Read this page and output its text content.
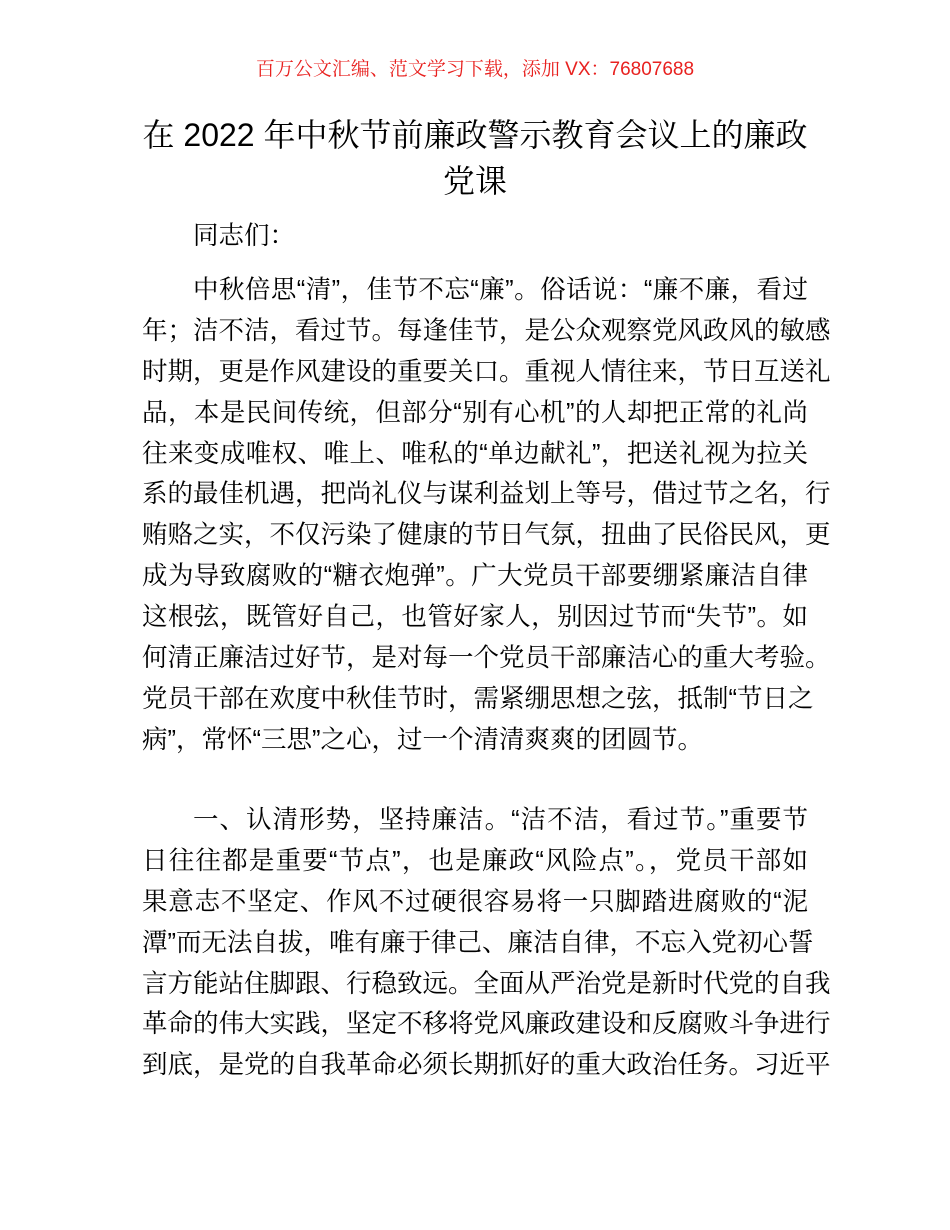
百万公文汇编、范文学习下载，添加 VX：76807688
在 2022 年中秋节前廉政警示教育会议上的廉政
党课
同志们：
中秋倍思“清”，佳节不忘“廉”。俗话说：“廉不廉，看过
年；洁不洁，看过节。每逢佳节，是公众观察党风政风的敏感
时期，更是作风建设的重要关口。重视人情往来，节日互送礼
品，本是民间传统，但部分“别有心机”的人却把正常的礼尚
往来变成唯权、唯上、唯私的“单边献礼”，把送礼视为拉关
系的最佳机遇，把尚礼仪与谋利益划上等号，借过节之名，行
贿赂之实，不仅污染了健康的节日气氛，扭曲了民俗民风，更
成为导致腐败的“糖衣炮弹”。广大党员干部要绷紧廉洁自律
这根弦，既管好自己，也管好家人，别因过节而“失节”。如
何清正廉洁过好节，是对每一个党员干部廉洁心的重大考验。
党员干部在欢度中秋佳节时，需紧绷思想之弦，抵制“节日之
病”，常怀“三思”之心，过一个清清爽爽的团圆节。
一、认清形势，坚持廉洁。“洁不洁，看过节。”重要节
日往往都是重要“节点”，也是廉政“风险点”。，党员干部如
果意志不坚定、作风不过硬很容易将一只脚踏进腐败的“泥
潭”而无法自拔，唯有廉于律己、廉洁自律，不忘入党初心誓
言方能站住脚跟、行稳致远。全面从严治党是新时代党的自我
革命的伟大实践，坚定不移将党风廉政建设和反腐败斗争进行
到底，是党的自我革命必须长期抓好的重大政治任务。习近平
